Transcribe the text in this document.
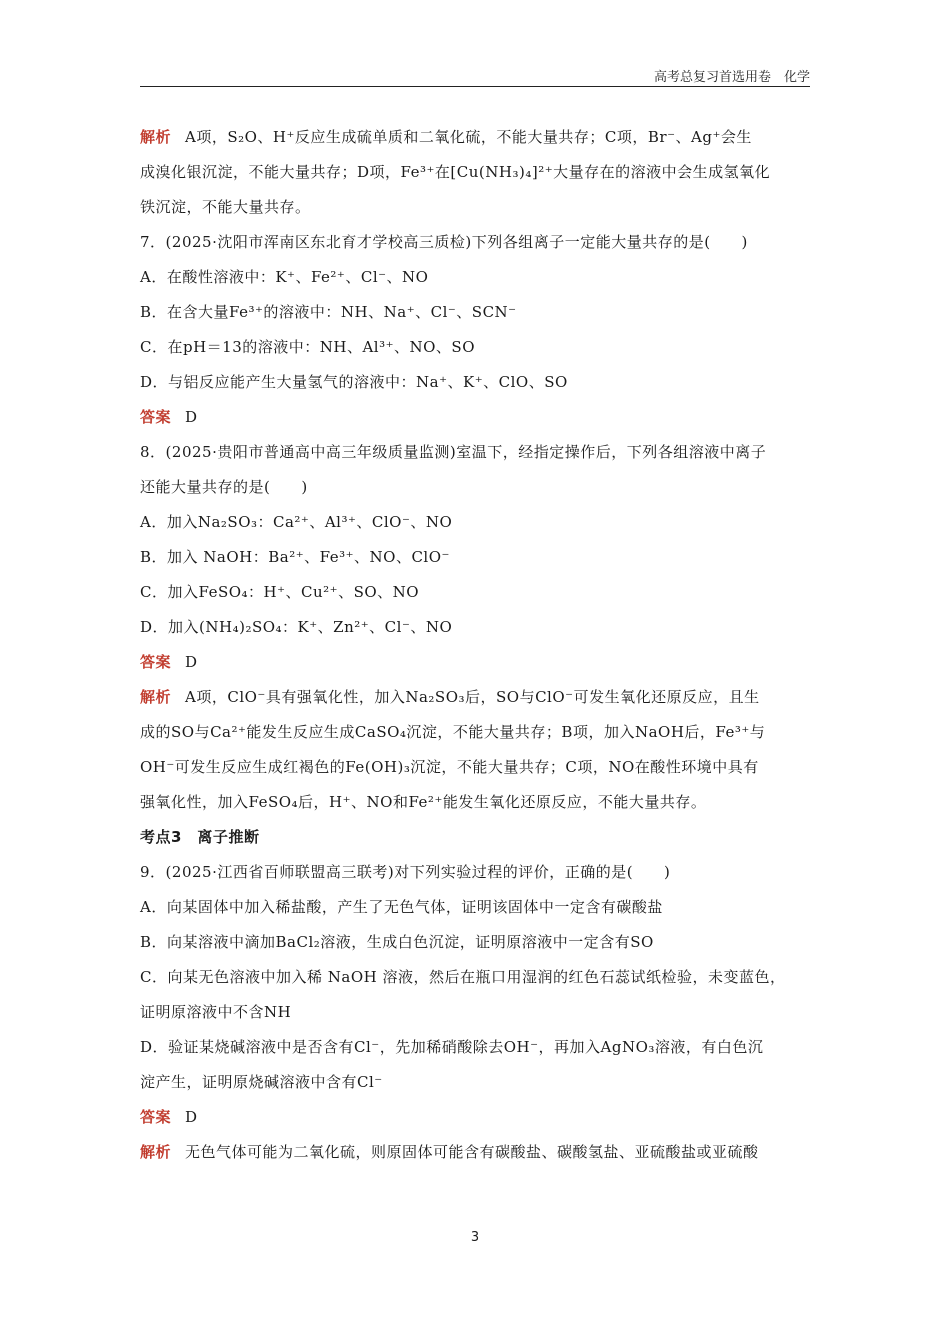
高考总复习首选用卷　化学

解析 A项，S₂O、H⁺反应生成硫单质和二氧化硫，不能大量共存；C项，Br⁻、Ag⁺会生

成溴化银沉淀，不能大量共存；D项，Fe³⁺在[Cu(NH₃)₄]²⁺大量存在的溶液中会生成氢氧化

铁沉淀，不能大量共存。

7．(2025·沈阳市浑南区东北育才学校高三质检)下列各组离子一定能大量共存的是(　　)

A．在酸性溶液中：K⁺、Fe²⁺、Cl⁻、NO

B．在含大量Fe³⁺的溶液中：NH、Na⁺、Cl⁻、SCN⁻

C．在pH＝13的溶液中：NH、Al³⁺、NO、SO

D．与铝反应能产生大量氢气的溶液中：Na⁺、K⁺、ClO、SO

答案 D

8．(2025·贵阳市普通高中高三年级质量监测)室温下，经指定操作后，下列各组溶液中离子

还能大量共存的是(　　)

A．加入Na₂SO₃：Ca²⁺、Al³⁺、ClO⁻、NO

B．加入 NaOH：Ba²⁺、Fe³⁺、NO、ClO⁻

C．加入FeSO₄：H⁺、Cu²⁺、SO、NO

D．加入(NH₄)₂SO₄：K⁺、Zn²⁺、Cl⁻、NO

答案 D

解析 A项，ClO⁻具有强氧化性，加入Na₂SO₃后，SO与ClO⁻可发生氧化还原反应，且生

成的SO与Ca²⁺能发生反应生成CaSO₄沉淀，不能大量共存；B项，加入NaOH后，Fe³⁺与

OH⁻可发生反应生成红褐色的Fe(OH)₃沉淀，不能大量共存；C项，NO在酸性环境中具有

强氧化性，加入FeSO₄后，H⁺、NO和Fe²⁺能发生氧化还原反应，不能大量共存。

考点3　离子推断

9．(2025·江西省百师联盟高三联考)对下列实验过程的评价，正确的是(　　)

A．向某固体中加入稀盐酸，产生了无色气体，证明该固体中一定含有碳酸盐

B．向某溶液中滴加BaCl₂溶液，生成白色沉淀，证明原溶液中一定含有SO

C．向某无色溶液中加入稀 NaOH 溶液，然后在瓶口用湿润的红色石蕊试纸检验，未变蓝色，

证明原溶液中不含NH

D．验证某烧碱溶液中是否含有Cl⁻，先加稀硝酸除去OH⁻，再加入AgNO₃溶液，有白色沉

淀产生，证明原烧碱溶液中含有Cl⁻

答案 D

解析 无色气体可能为二氧化硫，则原固体可能含有碳酸盐、碳酸氢盐、亚硫酸盐或亚硫酸

3
